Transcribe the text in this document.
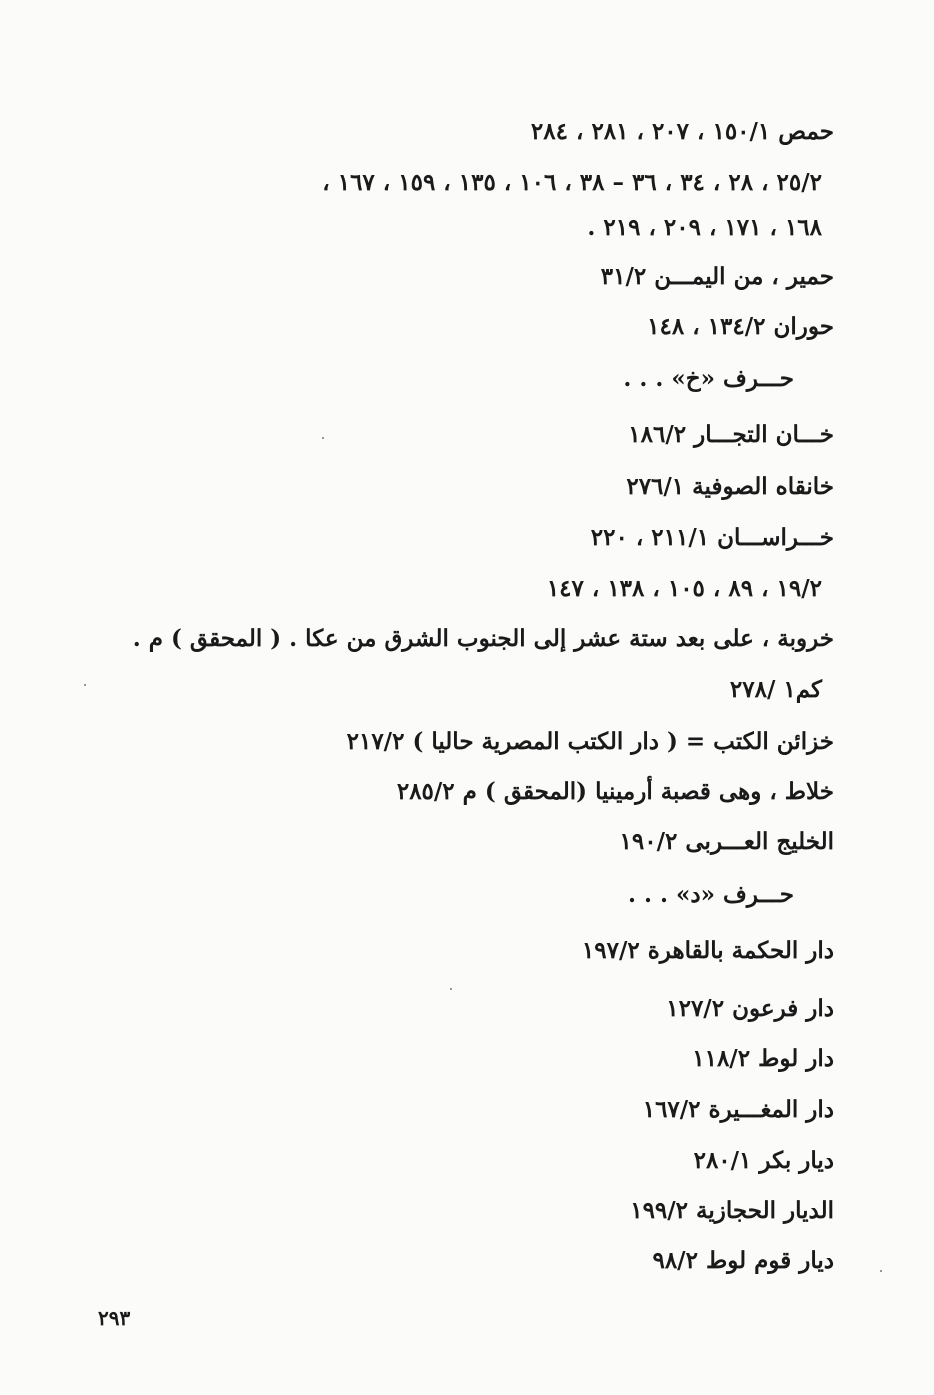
حمص ١٥٠/١ ، ٢٠٧ ، ٢٨١ ، ٢٨٤
٢٥/٢ ، ٢٨ ، ٣٤ ، ٣٦ – ٣٨ ، ١٠٦ ، ١٣٥ ، ١٥٩ ، ١٦٧ ،
١٦٨ ، ١٧١ ، ٢٠٩ ، ٢١٩ .
حمير ، من اليمـــن ٣١/٢
حوران ١٣٤/٢ ، ١٤٨
حـــرف «خ» . . .
خـــان التجـــار ١٨٦/٢
خانقاه الصوفية ٢٧٦/١
خـــراســـان ٢١١/١ ، ٢٢٠
١٩/٢ ، ٨٩ ، ١٠٥ ، ١٣٨ ، ١٤٧
خروبة ، على بعد ستة عشر إلى الجنوب الشرق من عكا . ( المحقق ) م .
كم١ /٢٧٨
خزائن الكتب = ( دار الكتب المصرية حاليا ) ٢١٧/٢
خلاط ، وهى قصبة أرمينيا (المحقق ) م ٢٨٥/٢
الخليج العـــربى ١٩٠/٢
حـــرف «د» . . .
دار الحكمة بالقاهرة ١٩٧/٢
دار فرعون ١٢٧/٢
دار لوط ١١٨/٢
دار المغـــيرة ١٦٧/٢
ديار بكر ٢٨٠/١
الديار الحجازية ١٩٩/٢
ديار قوم لوط ٩٨/٢
٢٩٣
